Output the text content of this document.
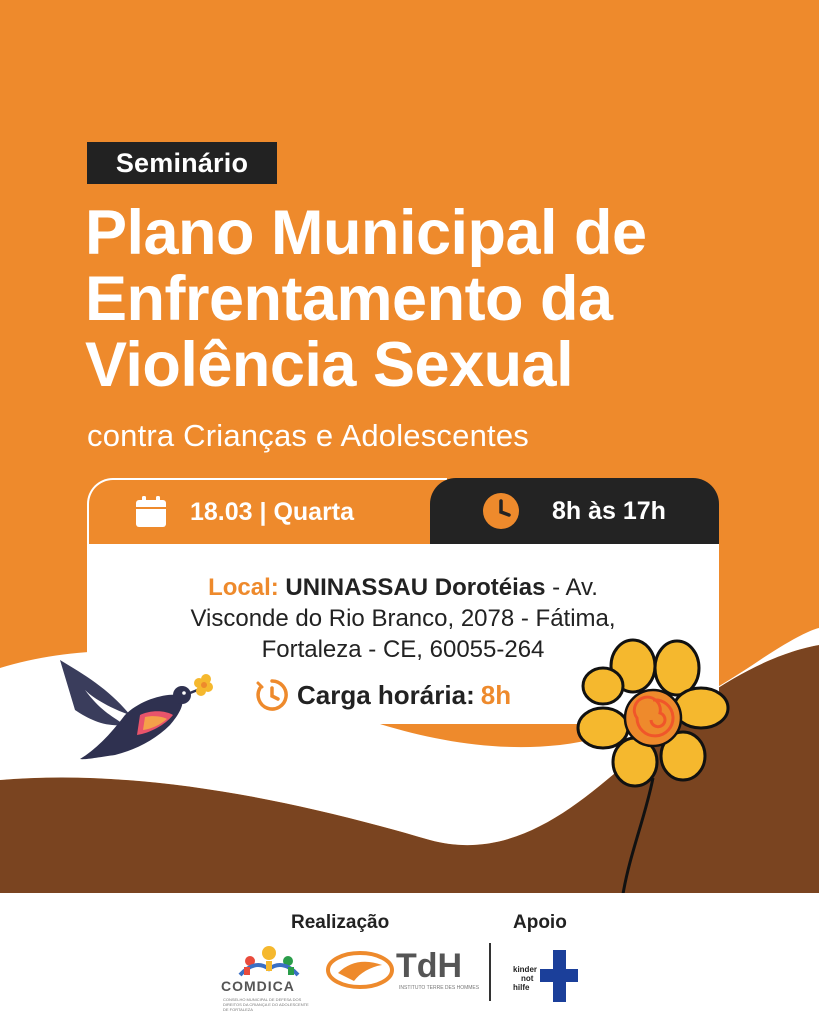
Seminário
Plano Municipal de
Enfrentamento da
Violência Sexual
contra Crianças e Adolescentes
18.03 | Quarta	8h às 17h
Local: UNINASSAU Dorotéias - Av.
Visconde do Rio Branco, 2078 - Fátima,
Fortaleza - CE, 60055-264
Carga horária: 8h
Realização	Apoio
COMDICA
CONSELHO MUNICIPAL DE DEFESA DOS DIREITOS DA CRIANÇA E DO ADOLESCENTE DE FORTALEZA
TdH
INSTITUTO TERRE DES HOMMES
kinder
not
hilfe
